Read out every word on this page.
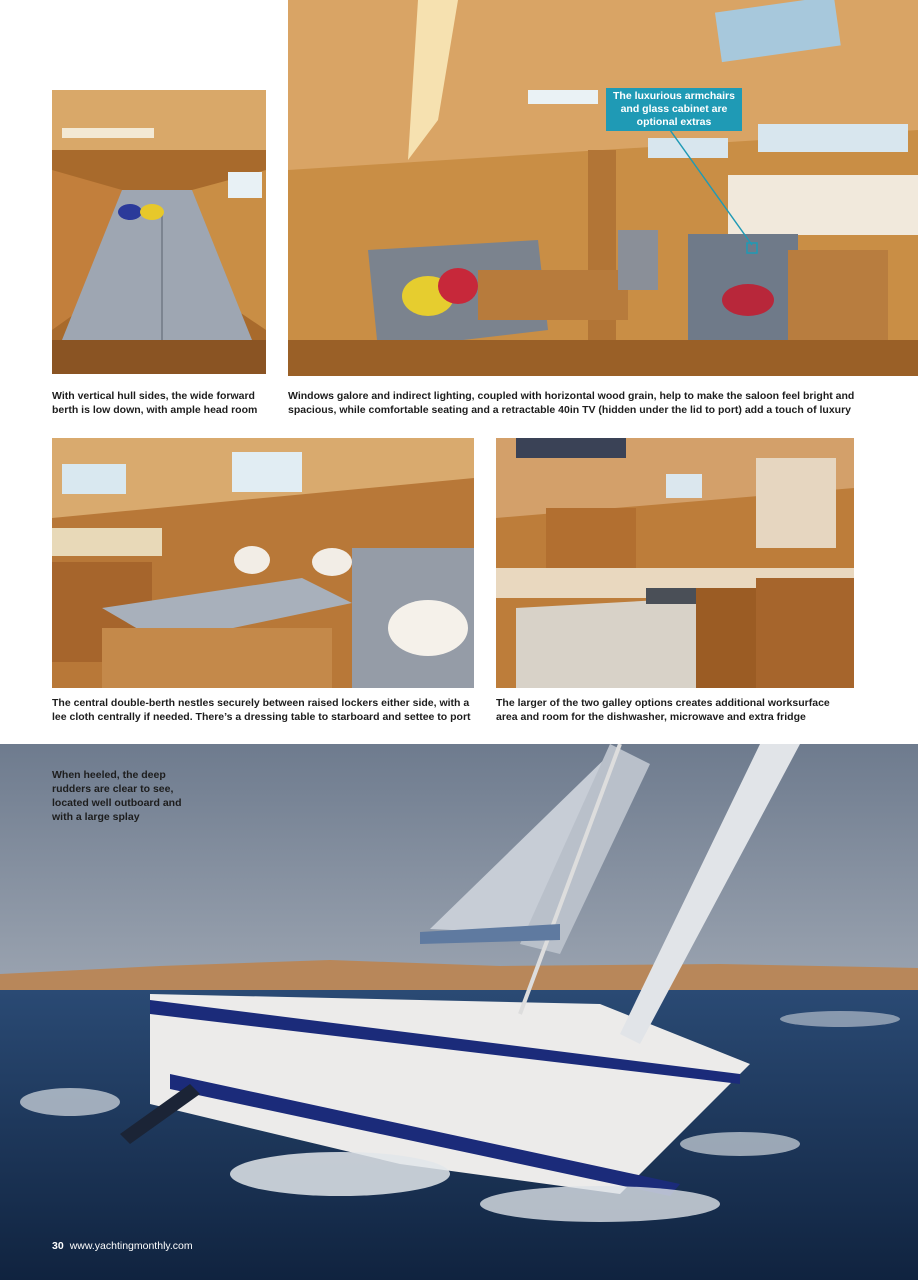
The luxurious armchairs and glass cabinet are optional extras

With vertical hull sides, the wide forward berth is low down, with ample head room

Windows galore and indirect lighting, coupled with horizontal wood grain, help to make the saloon feel bright and spacious, while comfortable seating and a retractable 40in TV (hidden under the lid to port) add a touch of luxury

The central double-berth nestles securely between raised lockers either side, with a lee cloth centrally if needed. There’s a dressing table to starboard and settee to port

The larger of the two galley options creates additional worksurface area and room for the dishwasher, microwave and extra fridge

When heeled, the deep rudders are clear to see, located well outboard and with a large splay

30 www.yachtingmonthly.com
